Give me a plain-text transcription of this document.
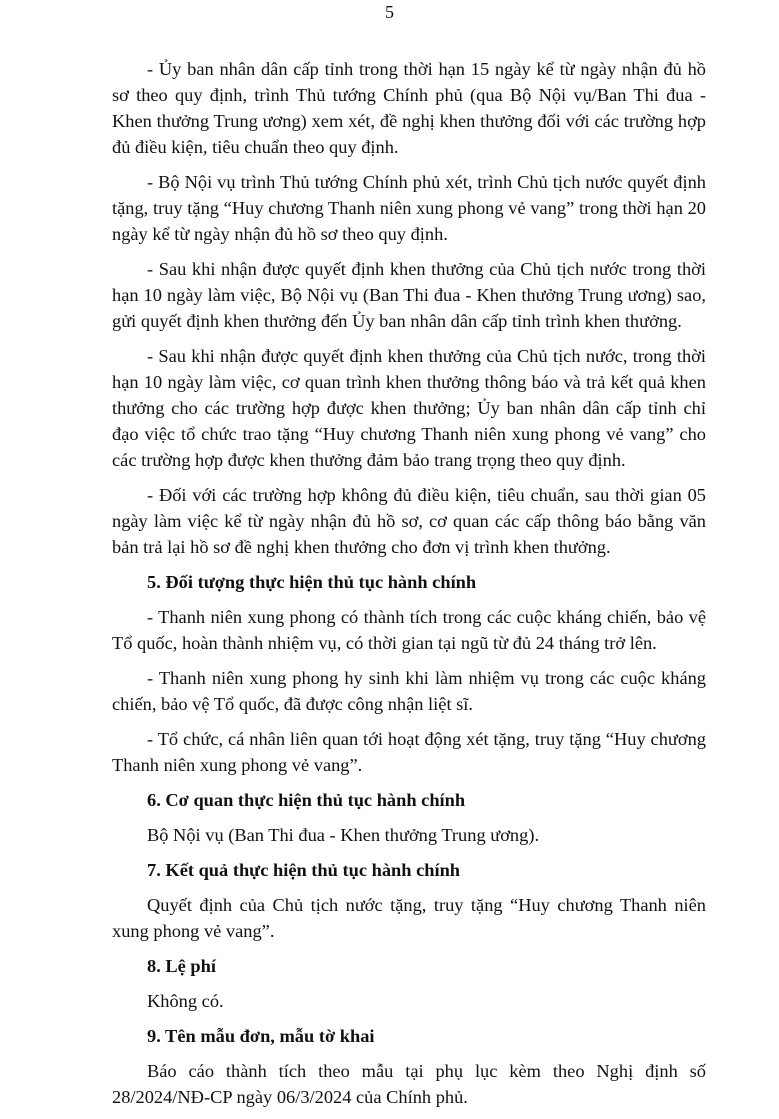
5

- Ủy ban nhân dân cấp tỉnh trong thời hạn 15 ngày kể từ ngày nhận đủ hồ sơ theo quy định, trình Thủ tướng Chính phủ (qua Bộ Nội vụ/Ban Thi đua - Khen thưởng Trung ương) xem xét, đề nghị khen thưởng đối với các trường hợp đủ điều kiện, tiêu chuẩn theo quy định.

- Bộ Nội vụ trình Thủ tướng Chính phủ xét, trình Chủ tịch nước quyết định tặng, truy tặng “Huy chương Thanh niên xung phong vẻ vang” trong thời hạn 20 ngày kể từ ngày nhận đủ hồ sơ theo quy định.

- Sau khi nhận được quyết định khen thưởng của Chủ tịch nước trong thời hạn 10 ngày làm việc, Bộ Nội vụ (Ban Thi đua - Khen thưởng Trung ương) sao, gửi quyết định khen thưởng đến Ủy ban nhân dân cấp tỉnh trình khen thưởng.

- Sau khi nhận được quyết định khen thưởng của Chủ tịch nước, trong thời hạn 10 ngày làm việc, cơ quan trình khen thưởng thông báo và trả kết quả khen thưởng cho các trường hợp được khen thưởng; Ủy ban nhân dân cấp tỉnh chỉ đạo việc tổ chức trao tặng “Huy chương Thanh niên xung phong vẻ vang” cho các trường hợp được khen thưởng đảm bảo trang trọng theo quy định.

- Đối với các trường hợp không đủ điều kiện, tiêu chuẩn, sau thời gian 05 ngày làm việc kể từ ngày nhận đủ hồ sơ, cơ quan các cấp thông báo bằng văn bản trả lại hồ sơ đề nghị khen thưởng cho đơn vị trình khen thưởng.

5. Đối tượng thực hiện thủ tục hành chính

- Thanh niên xung phong có thành tích trong các cuộc kháng chiến, bảo vệ Tổ quốc, hoàn thành nhiệm vụ, có thời gian tại ngũ từ đủ 24 tháng trở lên.

- Thanh niên xung phong hy sinh khi làm nhiệm vụ trong các cuộc kháng chiến, bảo vệ Tổ quốc, đã được công nhận liệt sĩ.

- Tổ chức, cá nhân liên quan tới hoạt động xét tặng, truy tặng “Huy chương Thanh niên xung phong vẻ vang”.

6. Cơ quan thực hiện thủ tục hành chính

Bộ Nội vụ (Ban Thi đua - Khen thưởng Trung ương).

7. Kết quả thực hiện thủ tục hành chính

Quyết định của Chủ tịch nước tặng, truy tặng “Huy chương Thanh niên xung phong vẻ vang”.

8. Lệ phí

Không có.

9. Tên mẫu đơn, mẫu tờ khai

Báo cáo thành tích theo mẫu tại phụ lục kèm theo Nghị định số 28/2024/NĐ-CP ngày 06/3/2024 của Chính phủ.
